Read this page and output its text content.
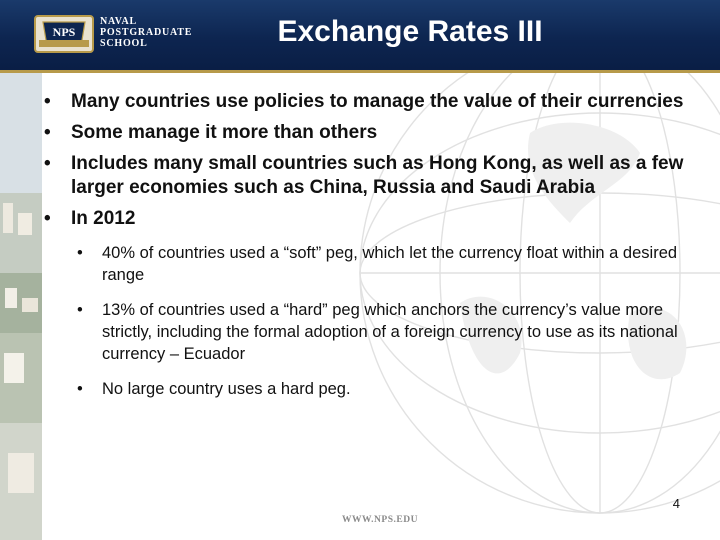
NPS
NAVAL
POSTGRADUATE
SCHOOL	Exchange Rates III
• Many countries use policies to manage the value of their currencies
• Some manage it more than others
• Includes many small countries such as Hong Kong, as well as a few larger economies such as China, Russia and Saudi Arabia
• In 2012
• 40% of countries used a “soft” peg, which let the currency float within a desired range
• 13% of countries used a “hard” peg which anchors the currency’s value more strictly, including the formal adoption of a foreign currency to use as its national currency – Ecuador
• No large country uses a hard peg.
4
WWW.NPS.EDU
